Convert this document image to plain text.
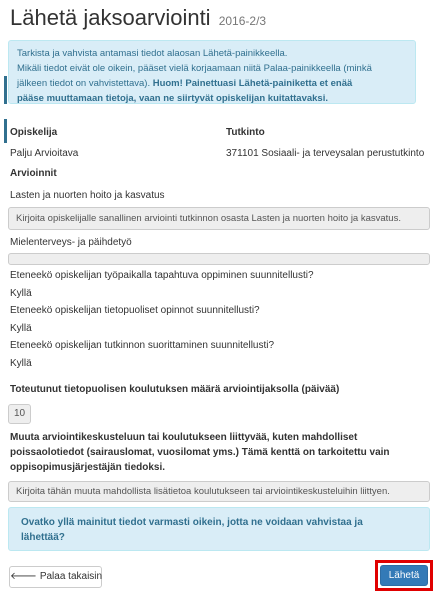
Lähetä jaksoarviointi 2016-2/3
Tarkista ja vahvista antamasi tiedot alaosan Lähetä-painikkeella.
Mikäli tiedot eivät ole oikein, pääset vielä korjaamaan niitä Palaa-painikkeella (minkä
jälkeen tiedot on vahvistettava). Huom! Painettuasi Lähetä-painiketta et enää
pääse muuttamaan tietoja, vaan ne siirtyvät opiskelijan kuitattavaksi.
Opiskelija	Tutkinto
Palju Arvioitava	371101 Sosiaali- ja terveysalan perustutkinto
Arvioinnit
Lasten ja nuorten hoito ja kasvatus
Kirjoita opiskelijalle sanallinen arviointi tutkinnon osasta Lasten ja nuorten hoito ja kasvatus.
Mielenterveys- ja päihdetyö
Eteneekö opiskelijan työpaikalla tapahtuva oppiminen suunnitellusti?
Kyllä
Eteneekö opiskelijan tietopuoliset opinnot suunnitellusti?
Kyllä
Eteneekö opiskelijan tutkinnon suorittaminen suunnitellusti?
Kyllä
Toteutunut tietopuolisen koulutuksen määrä arviointijaksolla (päivää)
10
Muuta arviointikeskusteluun tai koulutukseen liittyvää, kuten mahdolliset
poissaolotiedot (sairauslomat, vuosilomat yms.) Tämä kenttä on tarkoitettu vain
oppisopimusjärjestäjän tiedoksi.
Kirjoita tähän muuta mahdollista lisätietoa koulutukseen tai arviointikeskusteluihin liittyen.
Ovatko yllä mainitut tiedot varmasti oikein, jotta ne voidaan vahvistaa ja
lähettää?
🡐 Palaa takaisin	Lähetä
